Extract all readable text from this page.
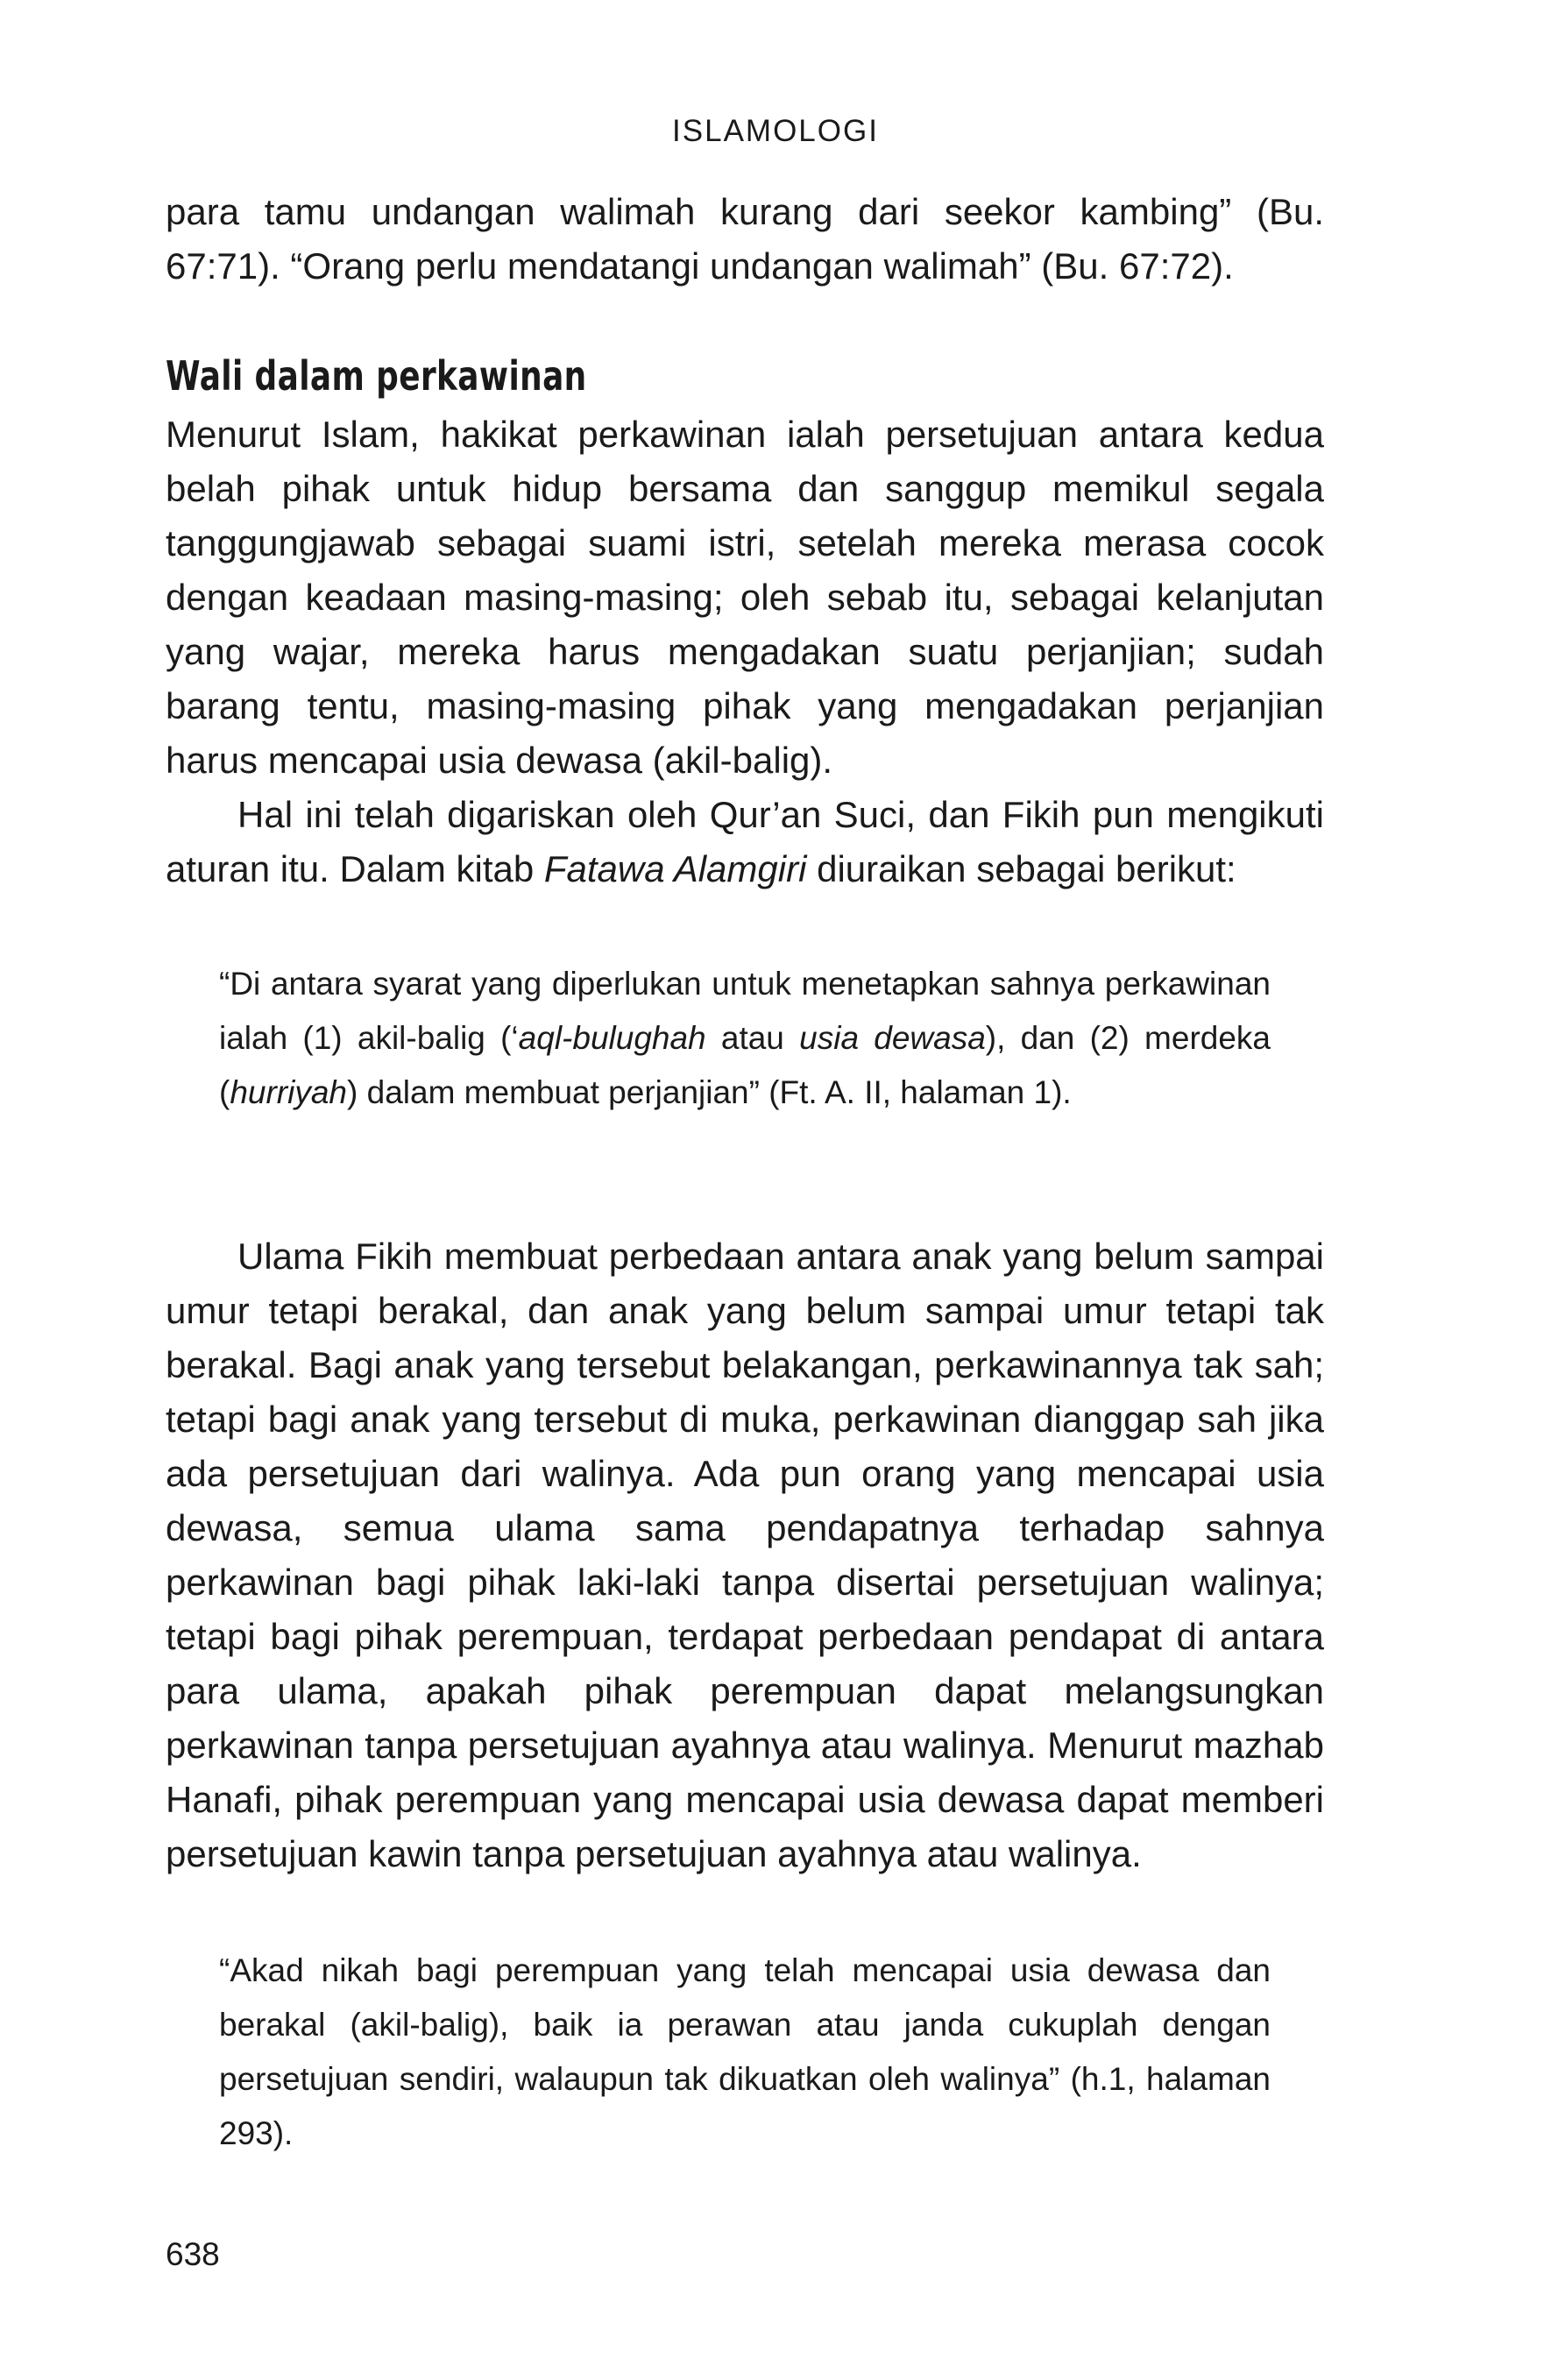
ISLAMOLOGI

para tamu undangan walimah kurang dari seekor kambing” (Bu. 67:71). “Orang perlu mendatangi undangan walimah” (Bu. 67:72).

Wali dalam perkawinan

Menurut Islam, hakikat perkawinan ialah persetujuan antara kedua belah pihak untuk hidup bersama dan sanggup memikul segala tanggungjawab sebagai suami istri, setelah mereka merasa cocok dengan keadaan masing-masing; oleh sebab itu, sebagai kelanjutan yang wajar, mereka harus mengadakan suatu perjanjian; sudah barang tentu, masing-masing pihak yang mengadakan perjanjian harus mencapai usia dewasa (akil-balig).

Hal ini telah digariskan oleh Qur’an Suci, dan Fikih pun mengikuti aturan itu. Dalam kitab Fatawa Alamgiri diuraikan sebagai berikut:

“Di antara syarat yang diperlukan untuk menetapkan sahnya perkawinan ialah (1) akil-balig (‘aql-bulughah atau usia dewasa), dan (2) merdeka (hurriyah) dalam membuat perjanjian” (Ft. A. II, halaman 1).

Ulama Fikih membuat perbedaan antara anak yang belum sampai umur tetapi berakal, dan anak yang belum sampai umur tetapi tak berakal. Bagi anak yang tersebut belakangan, perkawinannya tak sah; tetapi bagi anak yang tersebut di muka, perkawinan dianggap sah jika ada persetujuan dari walinya. Ada pun orang yang mencapai usia dewasa, semua ulama sama pendapatnya terhadap sahnya perkawinan bagi pihak laki-laki tanpa disertai persetujuan walinya; tetapi bagi pihak perempuan, terdapat perbedaan pendapat di antara para ulama, apakah pihak perempuan dapat melangsungkan perkawinan tanpa persetujuan ayahnya atau walinya. Menurut mazhab Hanafi, pihak perempuan yang mencapai usia dewasa dapat memberi persetujuan kawin tanpa persetujuan ayahnya atau walinya.

“Akad nikah bagi perempuan yang telah mencapai usia dewasa dan berakal (akil-balig), baik ia perawan atau janda cukuplah dengan persetujuan sendiri, walaupun tak dikuatkan oleh walinya” (h.1, halaman 293).

638
